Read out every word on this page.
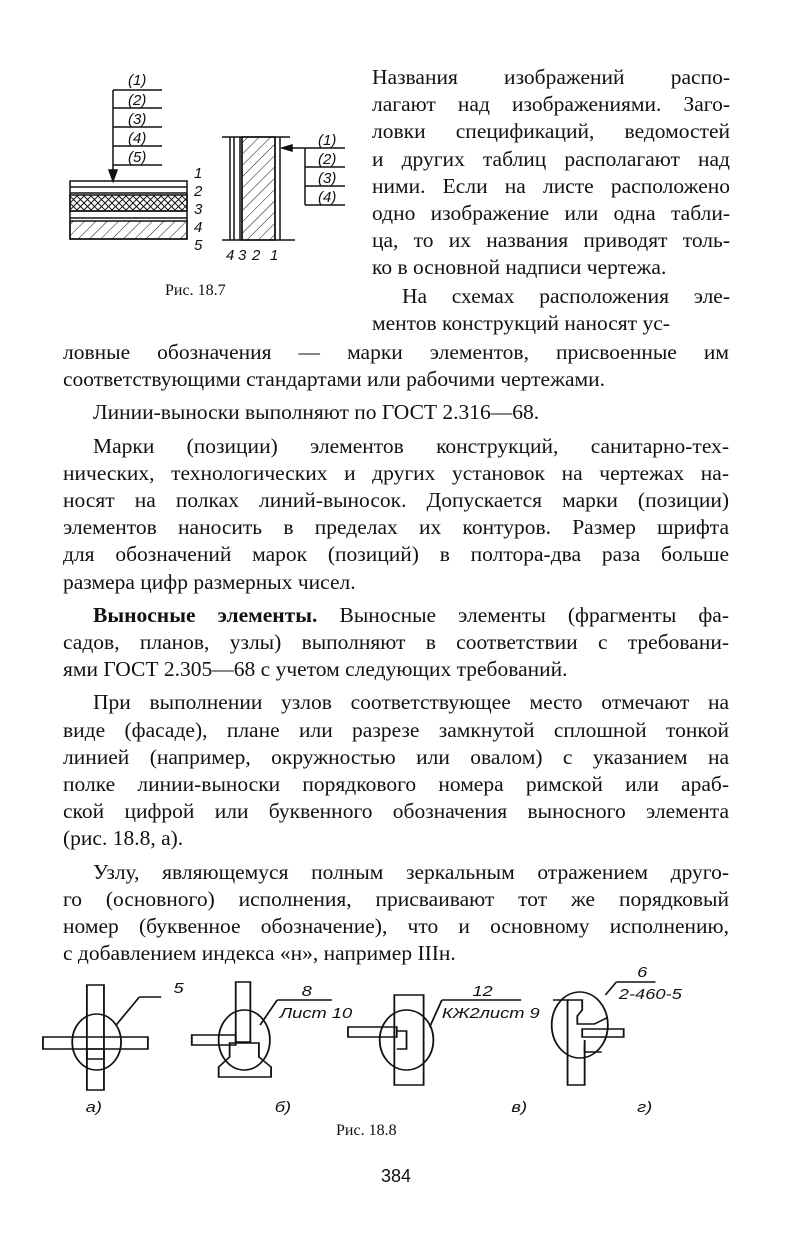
(1)
(2)
(3)
(4)
(5)
1
2
3
4
5
(1)
(2)
(3)
(4)
4 3 2 1
5
а)
8
Лист 10
б)
12
КЖ2лист 9
в)
6
2-460-5
г)
Рис. 18.7
Названия изображений распо-
лагают над изображениями. Заго-
ловки спецификаций, ведомостей
и других таблиц располагают над
ними. Если на листе расположено
одно изображение или одна табли-
ца, то их названия приводят толь-
ко в основной надписи чертежа.
На схемах расположения эле-
ментов конструкций наносят ус-
ловные обозначения — марки элементов, присвоенные им
соответствующими стандартами или рабочими чертежами.
Линии-выноски выполняют по ГОСТ 2.316—68.
Марки (позиции) элементов конструкций, санитарно-тех-
нических, технологических и других установок на чертежах на-
носят на полках линий-выносок. Допускается марки (позиции)
элементов наносить в пределах их контуров. Размер шрифта
для обозначений марок (позиций) в полтора-два раза больше
размера цифр размерных чисел.
Выносные элементы. Выносные элементы (фрагменты фа-
садов, планов, узлы) выполняют в соответствии с требовани-
ями ГОСТ 2.305—68 с учетом следующих требований.
При выполнении узлов соответствующее место отмечают на
виде (фасаде), плане или разрезе замкнутой сплошной тонкой
линией (например, окружностью или овалом) с указанием на
полке линии-выноски порядкового номера римской или араб-
ской цифрой или буквенного обозначения выносного элемента
(рис. 18.8, а).
Узлу, являющемуся полным зеркальным отражением друго-
го (основного) исполнения, присваивают тот же порядковый
номер (буквенное обозначение), что и основному исполнению,
с добавлением индекса «н», например IIIн.
Рис. 18.8
384
